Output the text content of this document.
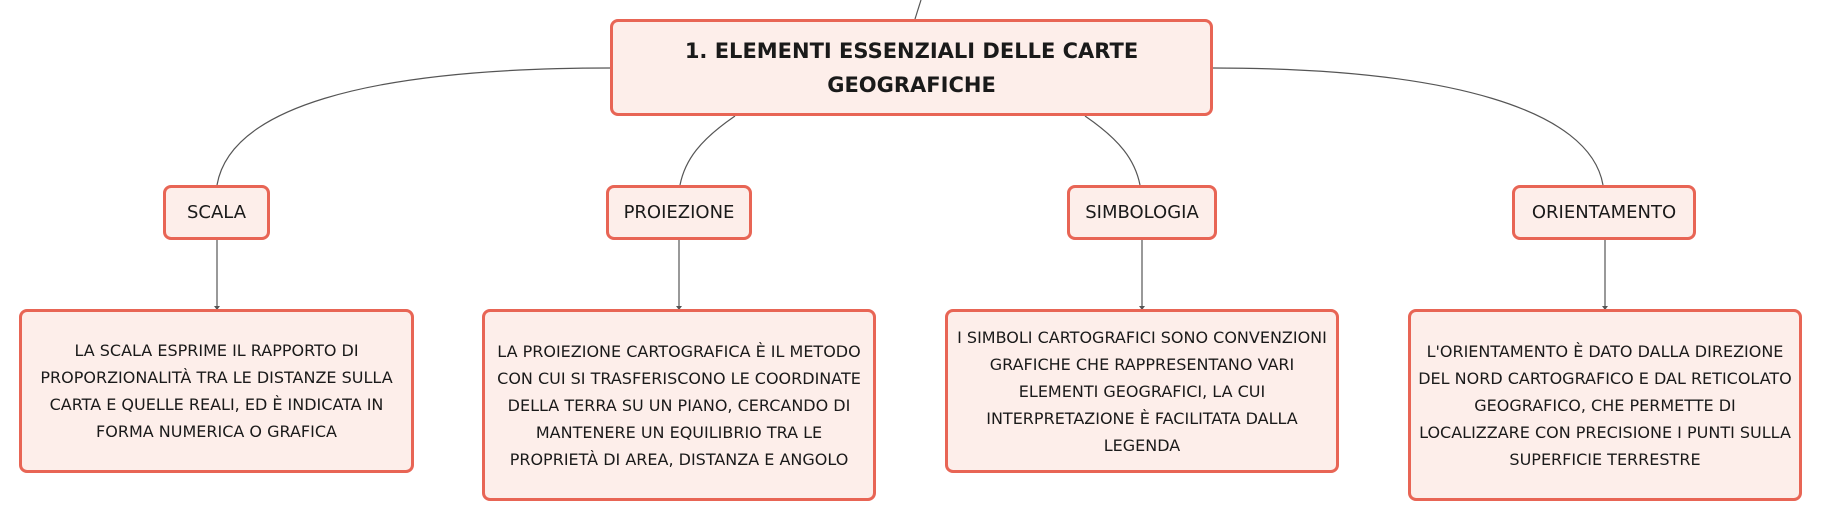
1. ELEMENTI ESSENZIALI DELLE CARTE GEOGRAFICHE
SCALA	PROIEZIONE	SIMBOLOGIA	ORIENTAMENTO
LA SCALA ESPRIME IL RAPPORTO DI PROPORZIONALITÀ TRA LE DISTANZE SULLA CARTA E QUELLE REALI, ED È INDICATA IN FORMA NUMERICA O GRAFICA
LA PROIEZIONE CARTOGRAFICA È IL METODO CON CUI SI TRASFERISCONO LE COORDINATE DELLA TERRA SU UN PIANO, CERCANDO DI MANTENERE UN EQUILIBRIO TRA LE PROPRIETÀ DI AREA, DISTANZA E ANGOLO
I SIMBOLI CARTOGRAFICI SONO CONVENZIONI GRAFICHE CHE RAPPRESENTANO VARI ELEMENTI GEOGRAFICI, LA CUI INTERPRETAZIONE È FACILITATA DALLA LEGENDA
L'ORIENTAMENTO È DATO DALLA DIREZIONE DEL NORD CARTOGRAFICO E DAL RETICOLATO GEOGRAFICO, CHE PERMETTE DI LOCALIZZARE CON PRECISIONE I PUNTI SULLA SUPERFICIE TERRESTRE
